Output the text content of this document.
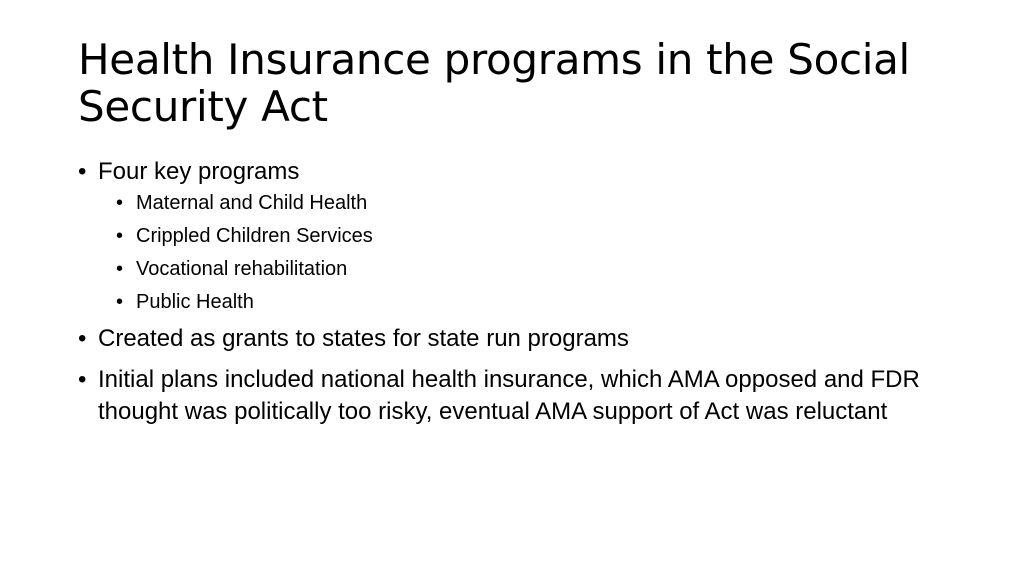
Health Insurance programs in the Social Security Act
• Four key programs
• Maternal and Child Health
• Crippled Children Services
• Vocational rehabilitation
• Public Health
• Created as grants to states for state run programs
• Initial plans included national health insurance, which AMA opposed and FDR thought was politically too risky, eventual AMA support of Act was reluctant
